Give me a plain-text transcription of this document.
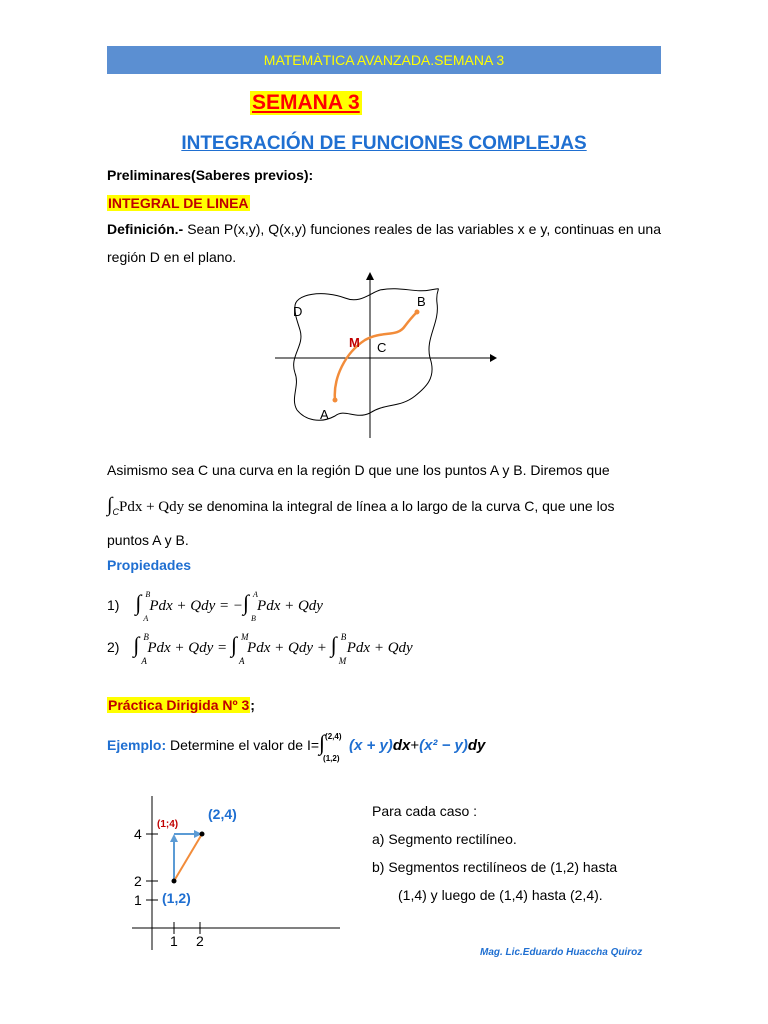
MATEMÀTICA AVANZADA.SEMANA 3
SEMANA 3
INTEGRACIÓN DE FUNCIONES COMPLEJAS
Preliminares(Saberes previos):
INTEGRAL DE LINEA
Definición.- Sean P(x,y), Q(x,y) funciones reales de las variables x e y, continuas en una región D en el plano.
D
B
M C
A
Asimismo sea C una curva en la región D que une los puntos A y B. Diremos que
$\int_CPdx$ + Qdy se denomina la integral de línea a lo largo de la curva C, que une los
puntos A y B.
Propiedades
1) ∫ B
A
Pdx + Qdy = −∫ A
B
Pdx + Qdy
2) ∫ B
A
Pdx + Qdy = ∫ M
A
Pdx + Qdy + ∫ B
M
Pdx + Qdy
Práctica Dirigida Nº 3;
Ejemplo: Determine el valor de I=∫ (2,4)
(1,2)
(x + y)dx+(x² − y)dy
4
2
1
1 2
(1;4)
(2,4)
(1,2)
Para cada caso :
a) Segmento rectilíneo.
b) Segmentos rectilíneos de (1,2) hasta
(1,4) y luego de (1,4) hasta (2,4).
Mag. Lic.Eduardo Huaccha Quiroz
